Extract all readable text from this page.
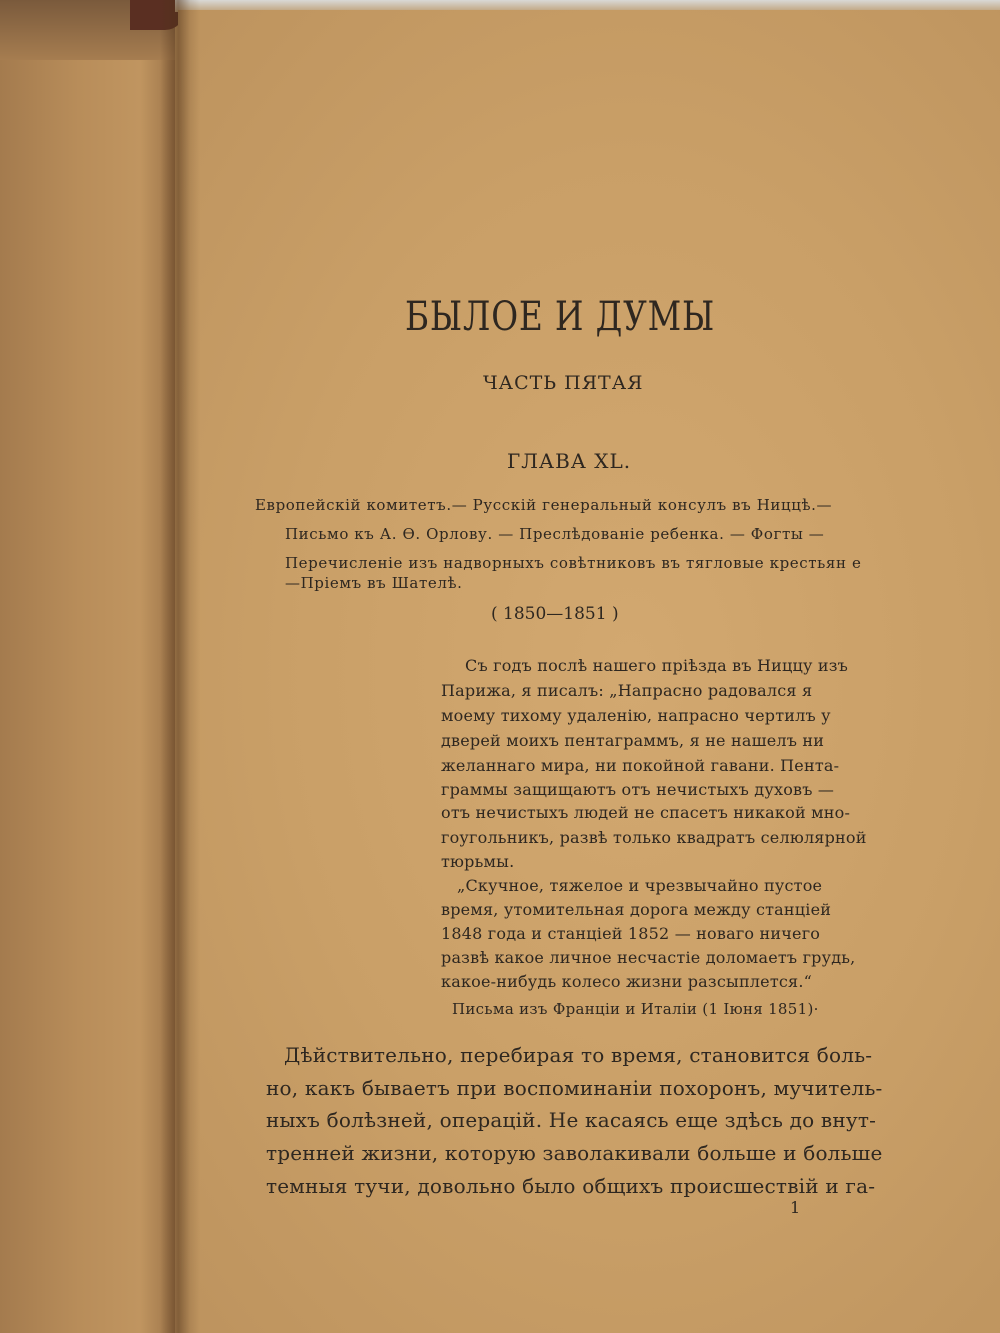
БЫЛОЕ И ДУМЫ
ЧАСТЬ ПЯТАЯ
ГЛАВА XL.
Европейскій комитетъ.— Русскій генеральный консулъ въ Ниццѣ.—
Письмо къ А. Ѳ. Орлову. — Преслѣдованіе ребенка. — Фогты —
Перечисленіе изъ надворныхъ совѣтниковъ въ тягловые крестьян е
—Пріемъ въ Шателѣ.
( 1850—1851 )
Съ годъ послѣ нашего пріѣзда въ Ниццу изъ
Парижа, я писалъ: „Напрасно радовался я
моему тихому удаленію, напрасно чертилъ у
дверей моихъ пентаграммъ, я не нашелъ ни
желаннаго мира, ни покойной гавани. Пента-
граммы защищаютъ отъ нечистыхъ духовъ —
отъ нечистыхъ людей не спасетъ никакой мно-
гоугольникъ, развѣ только квадратъ селюлярной
тюрьмы.
„Скучное, тяжелое и чрезвычайно пустое
время, утомительная дорога между станціей
1848 года и станціей 1852 — новаго ничего
развѣ какое личное несчастіе доломаетъ грудь,
какое-нибудь колесо жизни разсыплется.“
Письма изъ Франціи и Италіи (1 Іюня 1851)·
Дѣйствительно, перебирая то время, становится боль-
но, какъ бываетъ при воспоминаніи похоронъ, мучитель-
ныхъ болѣзней, операцій. Не касаясь еще здѣсь до внут-
тренней жизни, которую заволакивали больше и больше
темныя тучи, довольно было общихъ происшествій и га-
1
